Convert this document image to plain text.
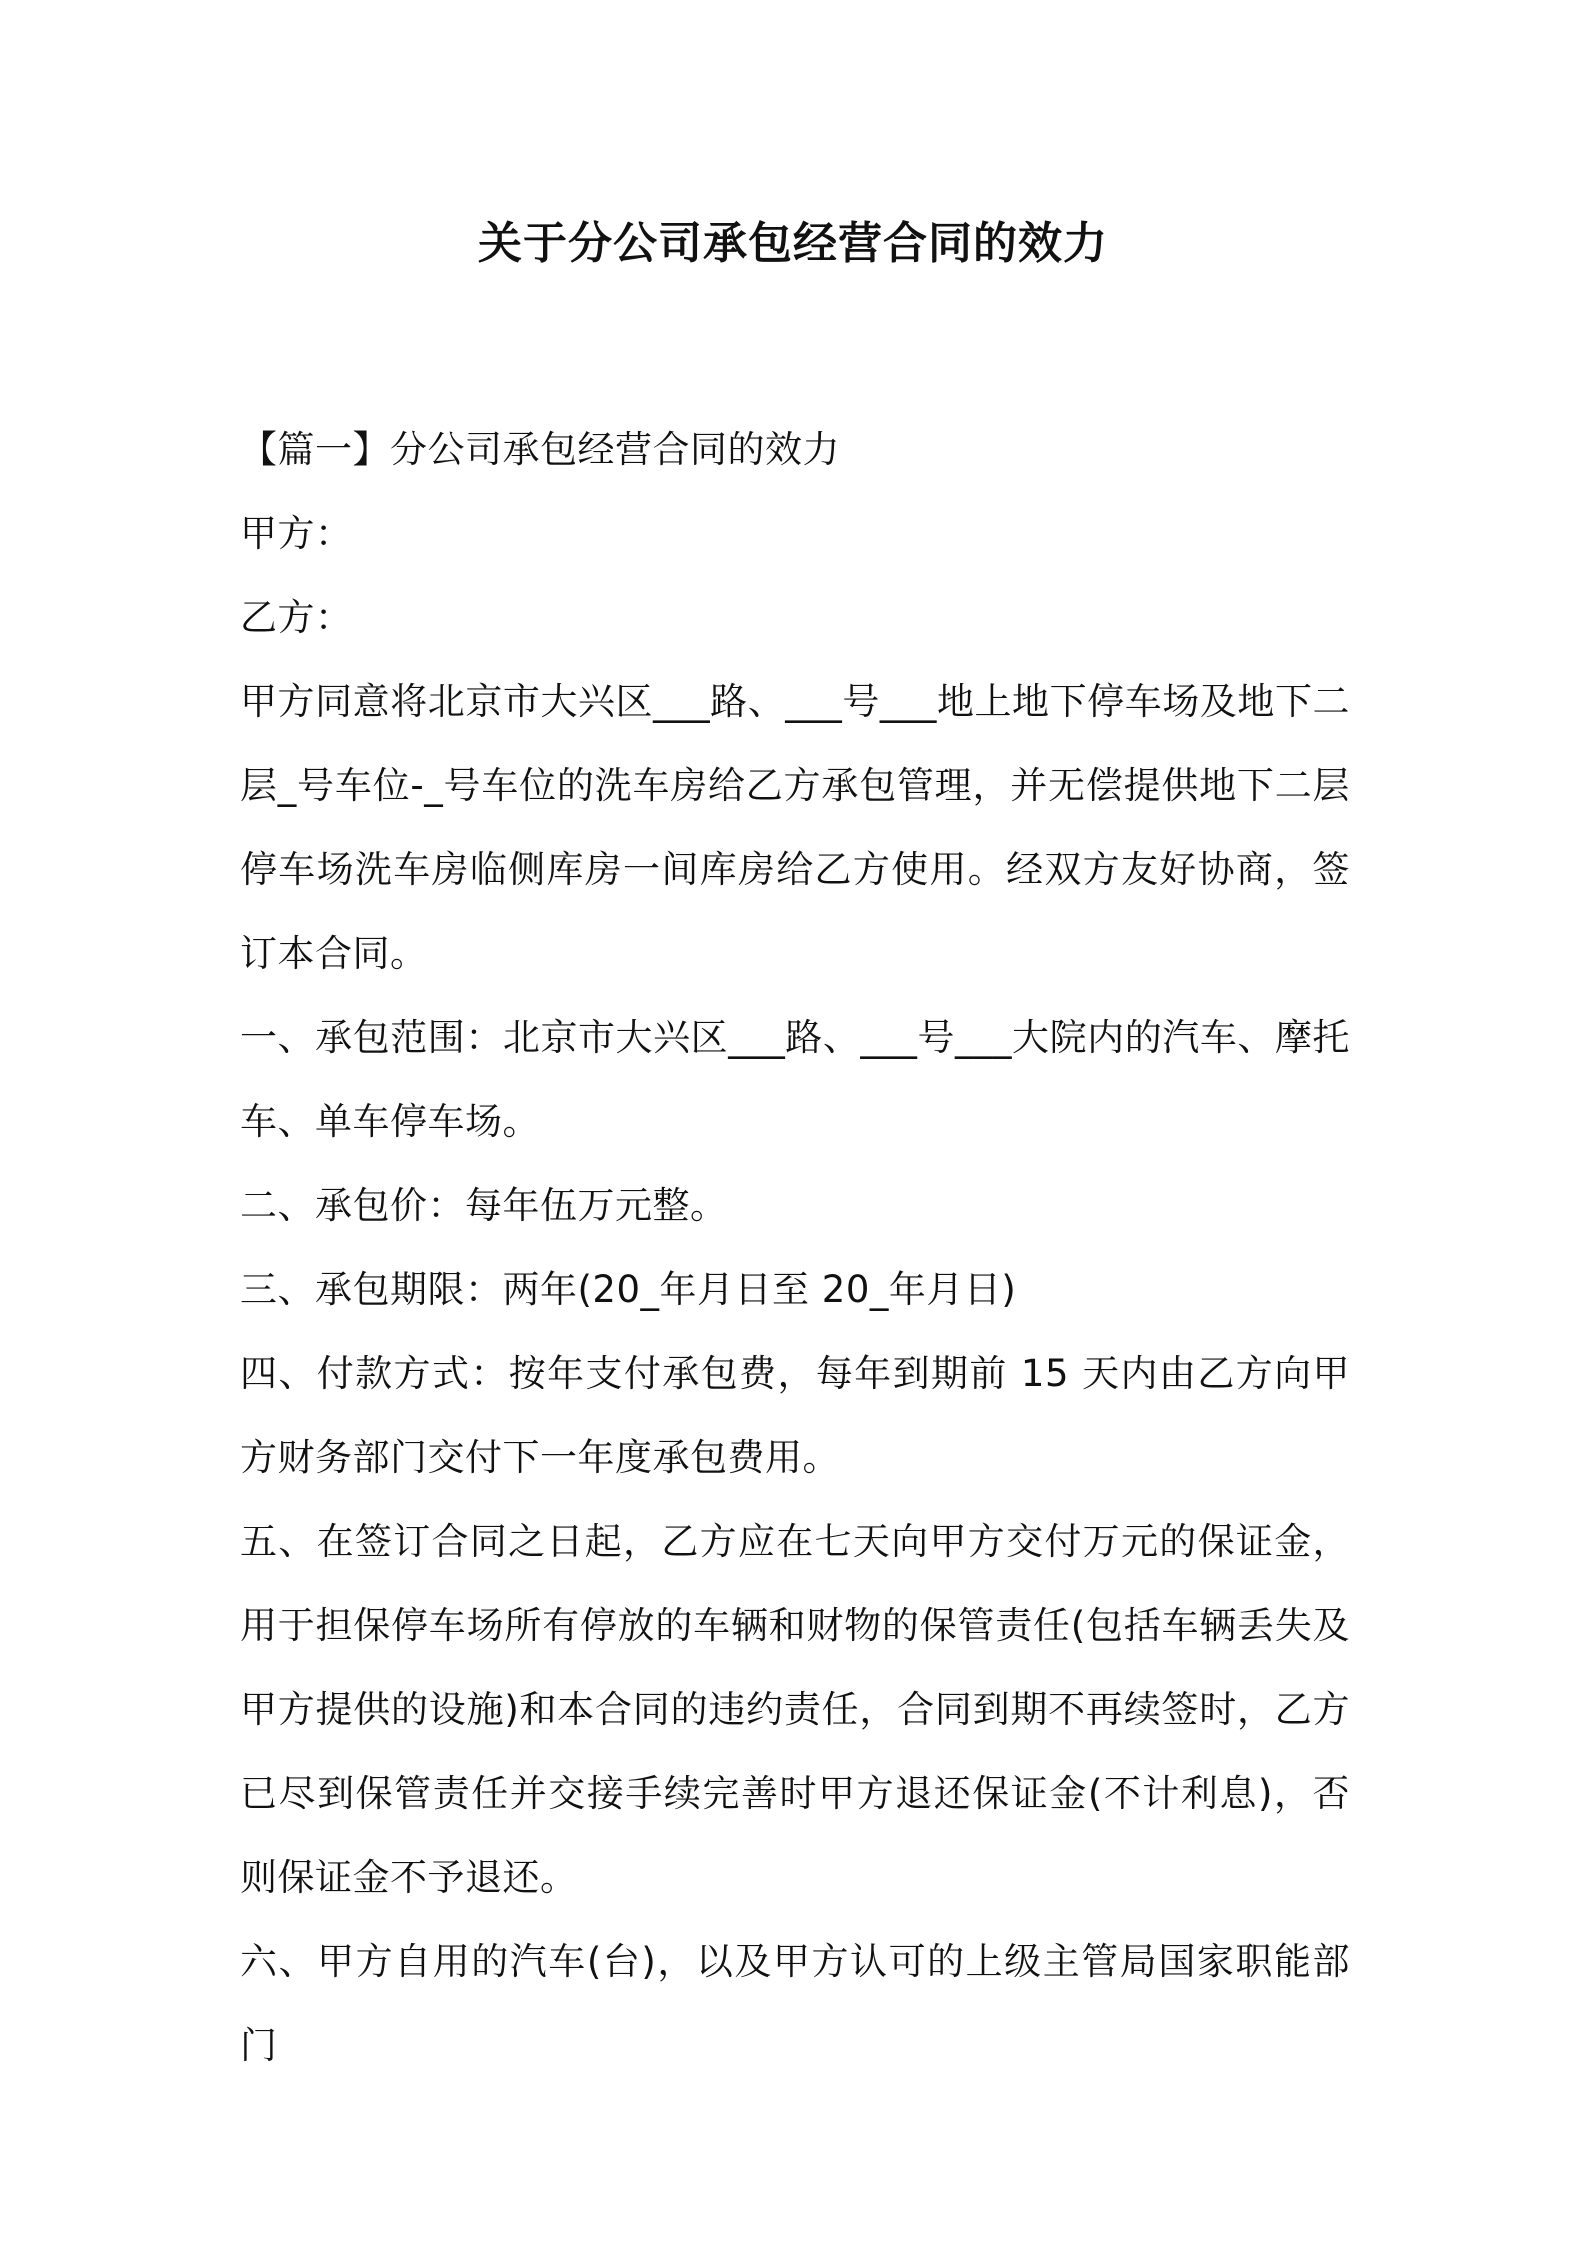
关于分公司承包经营合同的效力

【篇一】分公司承包经营合同的效力

甲方：

乙方：

甲方同意将北京市大兴区___路、___号___地上地下停车场及地下二层_号车位-_号车位的洗车房给乙方承包管理，并无偿提供地下二层停车场洗车房临侧库房一间库房给乙方使用。经双方友好协商，签订本合同。

一、承包范围：北京市大兴区___路、___号___大院内的汽车、摩托车、单车停车场。

二、承包价：每年伍万元整。

三、承包期限：两年(20_年月日至 20_年月日)

四、付款方式：按年支付承包费，每年到期前 15 天内由乙方向甲方财务部门交付下一年度承包费用。

五、在签订合同之日起，乙方应在七天向甲方交付万元的保证金，用于担保停车场所有停放的车辆和财物的保管责任(包括车辆丢失及甲方提供的设施)和本合同的违约责任，合同到期不再续签时，乙方已尽到保管责任并交接手续完善时甲方退还保证金(不计利息)，否则保证金不予退还。

六、甲方自用的汽车(台)，以及甲方认可的上级主管局国家职能部门
